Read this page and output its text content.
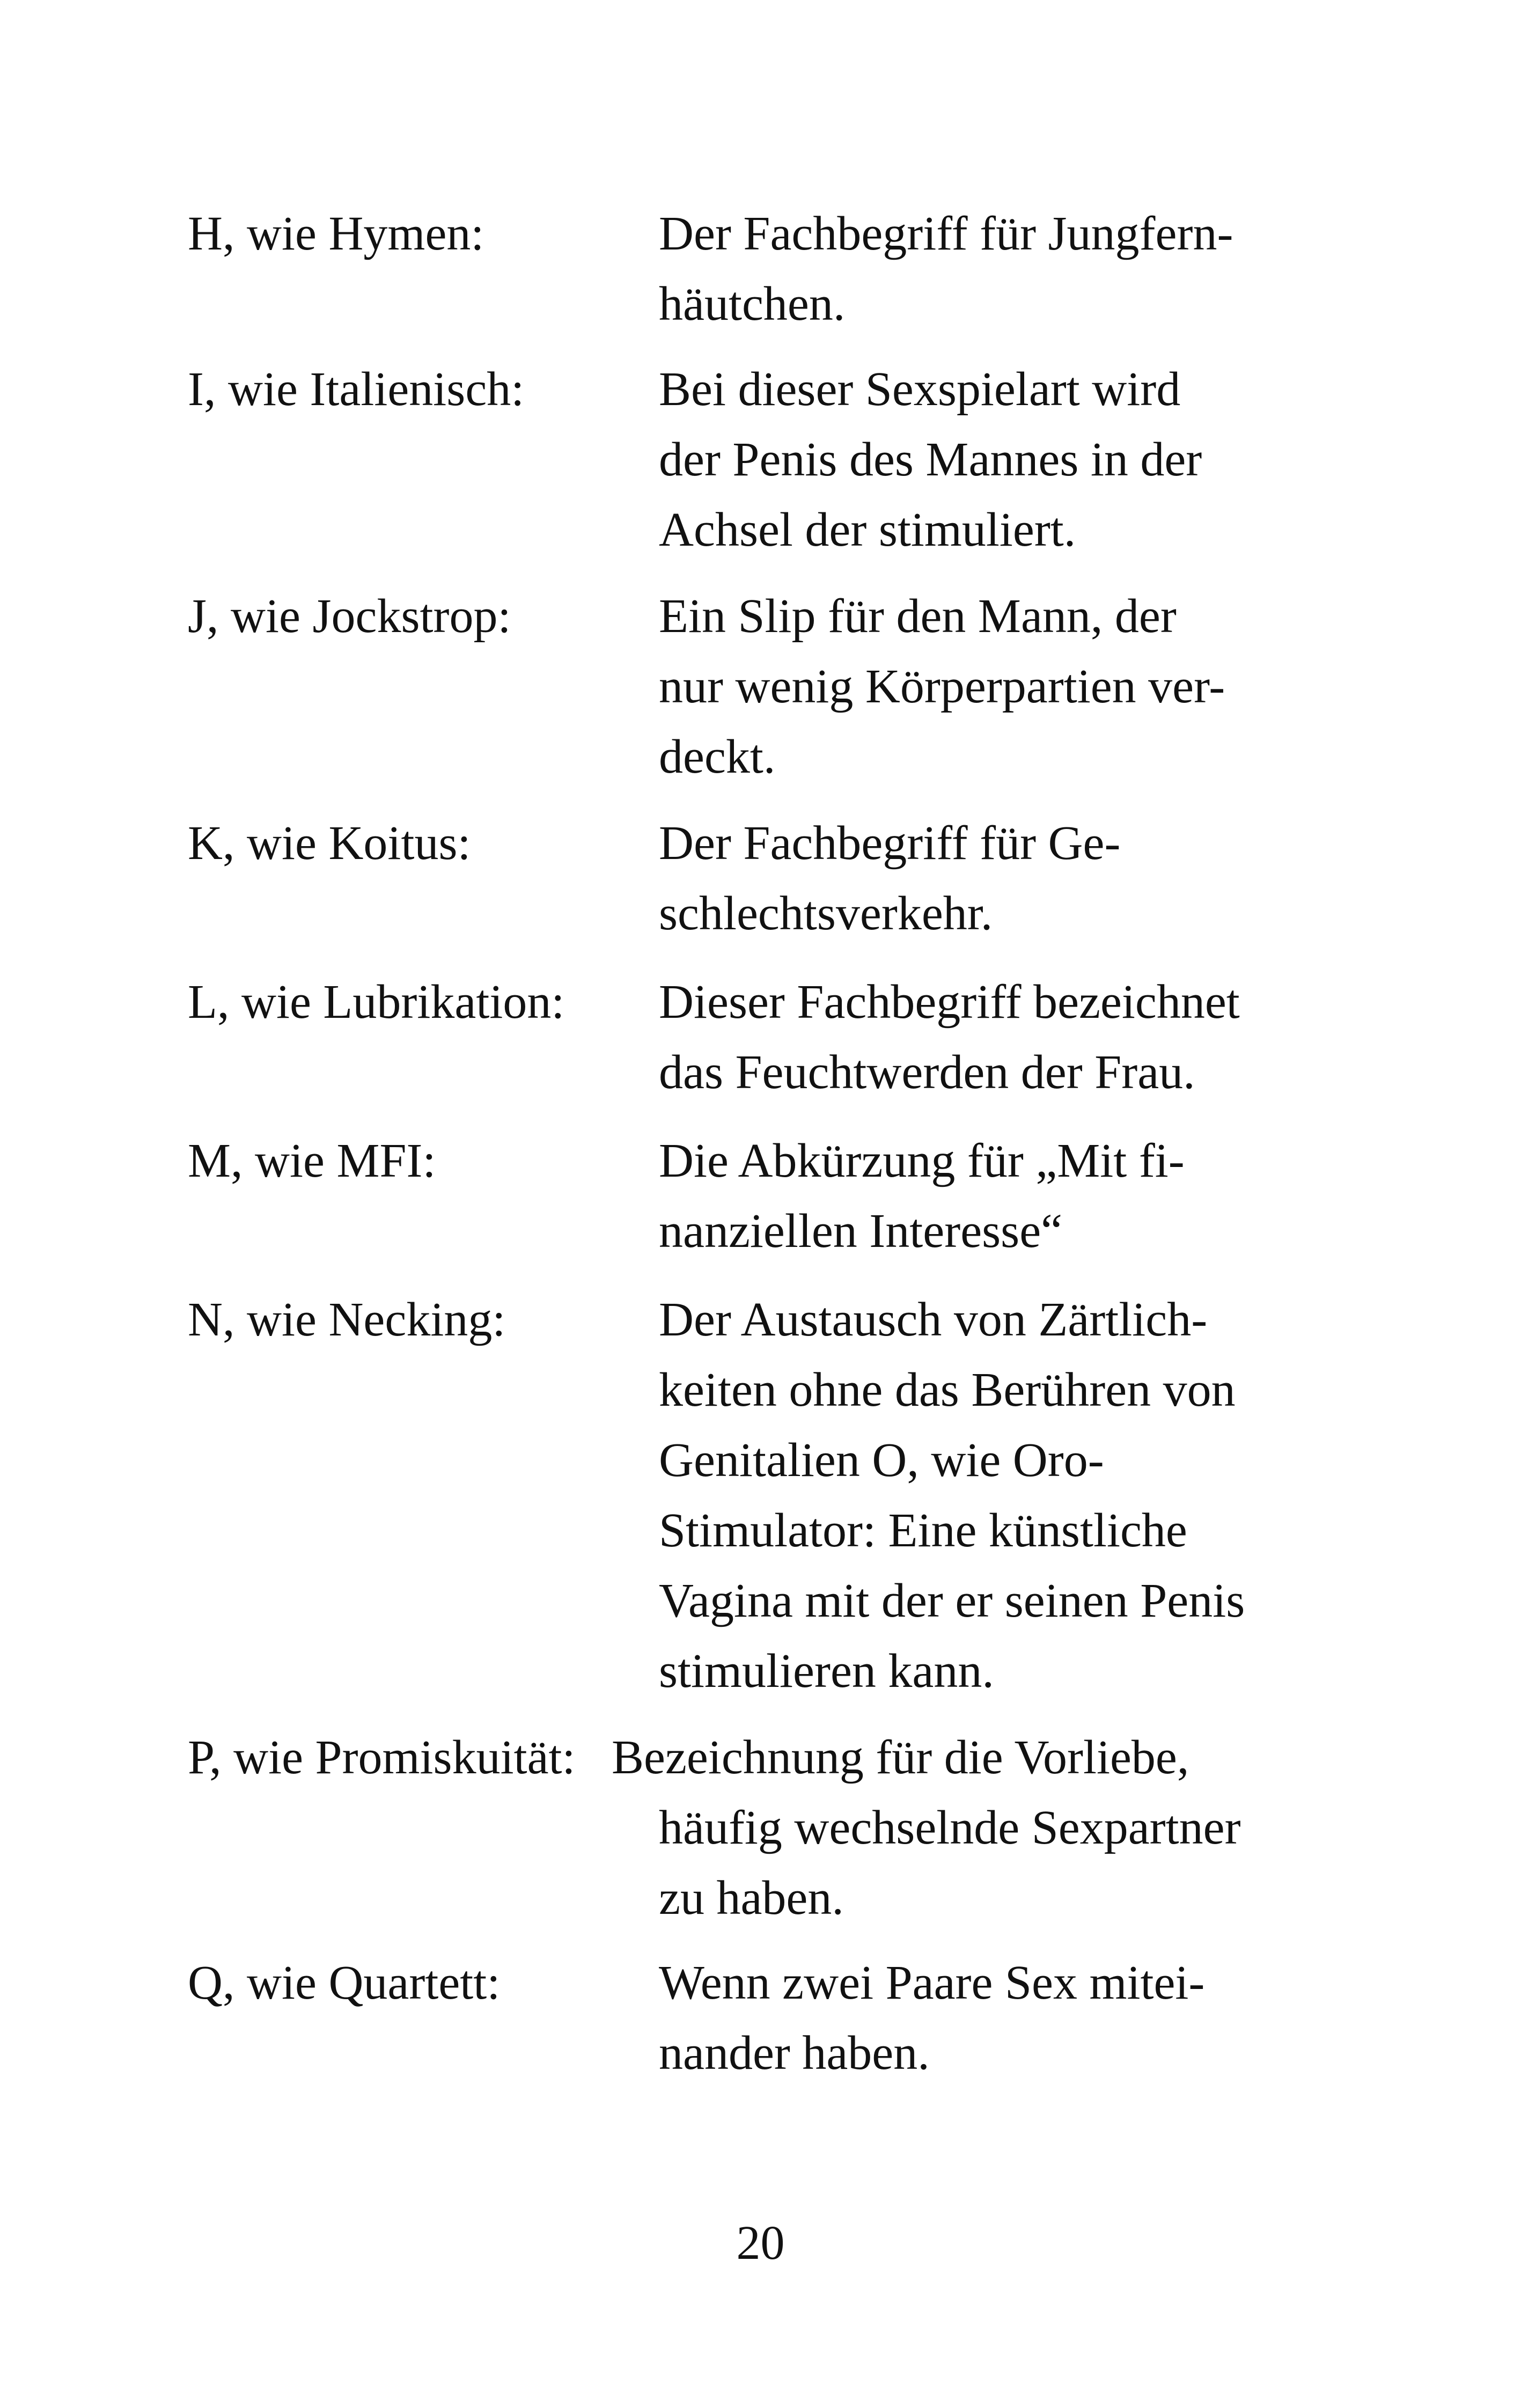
H, wie Hymen:	Der Fachbegriff für Jungfern-
häutchen.
I, wie Italienisch:	Bei dieser Sexspielart wird
der Penis des Mannes in der
Achsel der stimuliert.
J, wie Jockstrop:	Ein Slip für den Mann, der
nur wenig Körperpartien ver-
deckt.
K, wie Koitus:	Der Fachbegriff für Ge-
schlechtsverkehr.
L, wie Lubrikation: Dieser Fachbegriff bezeichnet
das Feuchtwerden der Frau.
M, wie MFI:	Die Abkürzung für „Mit fi-
nanziellen Interesse“
N, wie Necking:	Der Austausch von Zärtlich-
keiten ohne das Berühren von
Genitalien O, wie Oro-
Stimulator: Eine künstliche
Vagina mit der er seinen Penis
stimulieren kann.
P, wie Promiskuität: Bezeichnung für die Vorliebe,
häufig wechselnde Sexpartner
zu haben.
Q, wie Quartett:	Wenn zwei Paare Sex mitei-
nander haben.
20
